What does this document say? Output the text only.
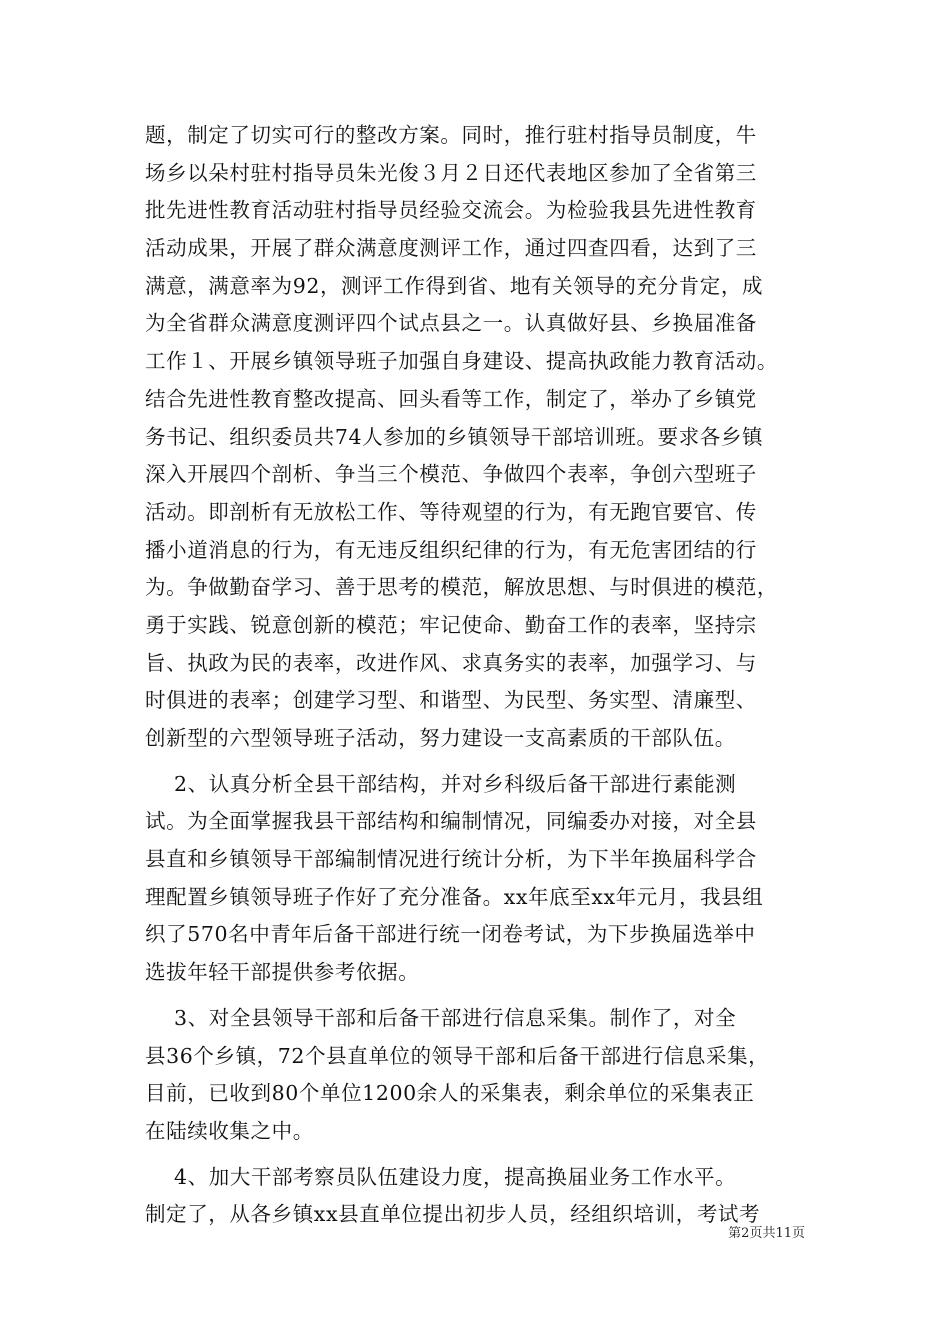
题，制定了切实可行的整改方案。同时，推行驻村指导员制度，牛
场乡以朵村驻村指导员朱光俊３月２日还代表地区参加了全省第三
批先进性教育活动驻村指导员经验交流会。为检验我县先进性教育
活动成果，开展了群众满意度测评工作，通过四查四看，达到了三
满意，满意率为92，测评工作得到省、地有关领导的充分肯定，成
为全省群众满意度测评四个试点县之一。认真做好县、乡换届准备
工作１、开展乡镇领导班子加强自身建设、提高执政能力教育活动。
结合先进性教育整改提高、回头看等工作，制定了，举办了乡镇党
务书记、组织委员共74人参加的乡镇领导干部培训班。要求各乡镇
深入开展四个剖析、争当三个模范、争做四个表率，争创六型班子
活动。即剖析有无放松工作、等待观望的行为，有无跑官要官、传
播小道消息的行为，有无违反组织纪律的行为，有无危害团结的行
为。争做勤奋学习、善于思考的模范，解放思想、与时俱进的模范，
勇于实践、锐意创新的模范；牢记使命、勤奋工作的表率，坚持宗
旨、执政为民的表率，改进作风、求真务实的表率，加强学习、与
时俱进的表率；创建学习型、和谐型、为民型、务实型、清廉型、
创新型的六型领导班子活动，努力建设一支高素质的干部队伍。
2、认真分析全县干部结构，并对乡科级后备干部进行素能测
试。为全面掌握我县干部结构和编制情况，同编委办对接，对全县
县直和乡镇领导干部编制情况进行统计分析，为下半年换届科学合
理配置乡镇领导班子作好了充分准备。xx年底至xx年元月，我县组
织了570名中青年后备干部进行统一闭卷考试，为下步换届选举中
选拔年轻干部提供参考依据。
3、对全县领导干部和后备干部进行信息采集。制作了，对全
县36个乡镇，72个县直单位的领导干部和后备干部进行信息采集，
目前，已收到80个单位1200余人的采集表，剩余单位的采集表正
在陆续收集之中。
4、加大干部考察员队伍建设力度，提高换届业务工作水平。
制定了，从各乡镇xx县直单位提出初步人员，经组织培训，考试考
第2页共11页
